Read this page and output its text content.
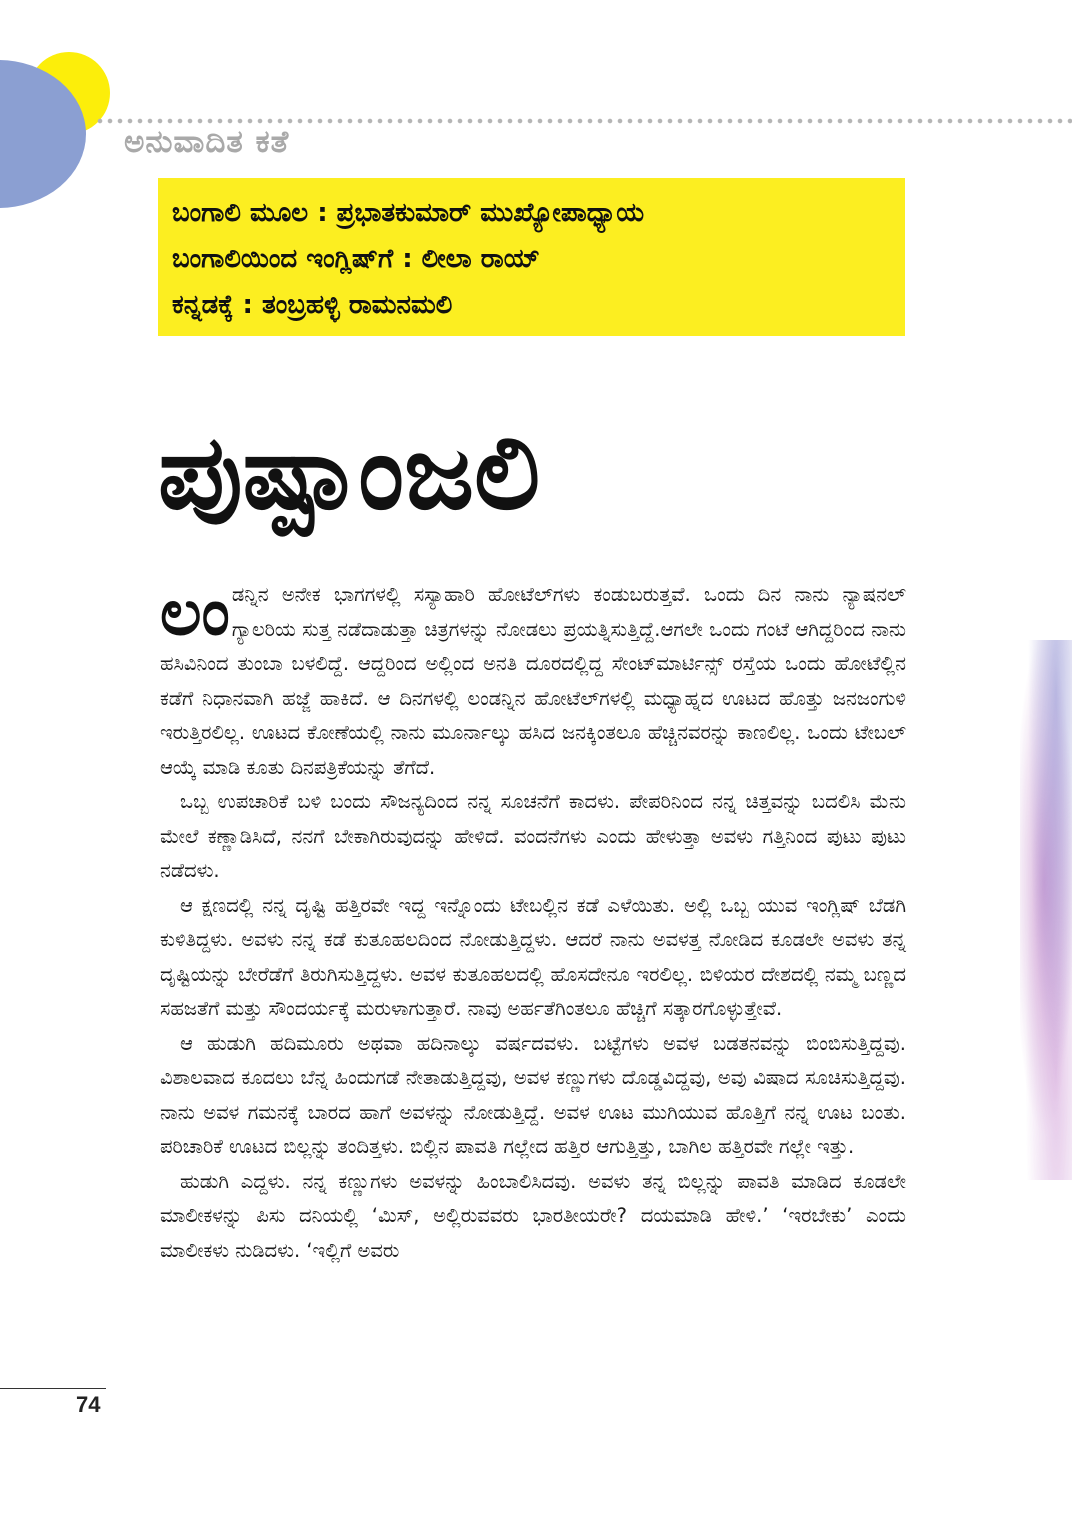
ಅನುವಾದಿತ ಕತೆ
ಬಂಗಾಲಿ ಮೂಲ : ಪ್ರಭಾತಕುಮಾರ್ ಮುಖ್ಯೋಪಾಧ್ಯಾಯ
ಬಂಗಾಲಿಯಿಂದ ಇಂಗ್ಲಿಷ್‌ಗೆ : ಲೀಲಾ ರಾಯ್
ಕನ್ನಡಕ್ಕೆ : ತಂಬ್ರಹಳ್ಳಿ ರಾಮನಮಲಿ
ಪುಷ್ಪಾಂಜಲಿ

ಲಂ ಡನ್ನಿನ ಅನೇಕ ಭಾಗಗಳಲ್ಲಿ ಸಸ್ಯಾಹಾರಿ ಹೋಟೆಲ್‌ಗಳು ಕಂಡುಬರುತ್ತವೆ. ಒಂದು ದಿನ ನಾನು ನ್ಯಾಷನಲ್ ಗ್ಯಾಲರಿಯ ಸುತ್ತ ನಡೆದಾಡುತ್ತಾ ಚಿತ್ರಗಳನ್ನು ನೋಡಲು ಪ್ರಯತ್ನಿಸುತ್ತಿದ್ದೆ.ಆಗಲೇ ಒಂದು ಗಂಟೆ ಆಗಿದ್ದರಿಂದ ನಾನು ಹಸಿವಿನಿಂದ ತುಂಬಾ ಬಳಲಿದ್ದೆ. ಆದ್ದರಿಂದ ಅಲ್ಲಿಂದ ಅನತಿ ದೂರದಲ್ಲಿದ್ದ ಸೇಂಟ್‌ಮಾರ್ಟಿನ್ಸ್ ರಸ್ತೆಯ ಒಂದು ಹೋಟೆಲ್ಲಿನ ಕಡೆಗೆ ನಿಧಾನವಾಗಿ ಹಜ್ಜೆ ಹಾಕಿದೆ. ಆ ದಿನಗಳಲ್ಲಿ ಲಂಡನ್ನಿನ ಹೋಟೆಲ್‌ಗಳಲ್ಲಿ ಮಧ್ಯಾಹ್ನದ ಊಟದ ಹೊತ್ತು ಜನಜಂಗುಳಿ ಇರುತ್ತಿರಲಿಲ್ಲ. ಊಟದ ಕೋಣೆಯಲ್ಲಿ ನಾನು ಮೂರ್ನಾಲ್ಕು ಹಸಿದ ಜನಕ್ಕಿಂತಲೂ ಹೆಚ್ಚಿನವರನ್ನು ಕಾಣಲಿಲ್ಲ. ಒಂದು ಟೇಬಲ್ ಆಯ್ಕೆ ಮಾಡಿ ಕೂತು ದಿನಪತ್ರಿಕೆಯನ್ನು ತೆಗೆದೆ.

ಒಬ್ಬ ಉಪಚಾರಿಕೆ ಬಳಿ ಬಂದು ಸೌಜನ್ಯದಿಂದ ನನ್ನ ಸೂಚನೆಗೆ ಕಾದಳು. ಪೇಪರಿನಿಂದ ನನ್ನ ಚಿತ್ತವನ್ನು ಬದಲಿಸಿ ಮೆನು ಮೇಲೆ ಕಣ್ಣಾಡಿಸಿದೆ, ನನಗೆ ಬೇಕಾಗಿರುವುದನ್ನು ಹೇಳಿದೆ. ವಂದನೆಗಳು ಎಂದು ಹೇಳುತ್ತಾ ಅವಳು ಗತ್ತಿನಿಂದ ಪುಟು ಪುಟು ನಡೆದಳು.

ಆ ಕ್ಷಣದಲ್ಲಿ ನನ್ನ ದೃಷ್ಟಿ ಹತ್ತಿರವೇ ಇದ್ದ ಇನ್ನೊಂದು ಟೇಬಲ್ಲಿನ ಕಡೆ ಎಳೆಯಿತು. ಅಲ್ಲಿ ಒಬ್ಬ ಯುವ ಇಂಗ್ಲಿಷ್ ಬೆಡಗಿ ಕುಳಿತಿದ್ದಳು. ಅವಳು ನನ್ನ ಕಡೆ ಕುತೂಹಲದಿಂದ ನೋಡುತ್ತಿದ್ದಳು. ಆದರೆ ನಾನು ಅವಳತ್ತ ನೋಡಿದ ಕೂಡಲೇ ಅವಳು ತನ್ನ ದೃಷ್ಟಿಯನ್ನು ಬೇರೆಡೆಗೆ ತಿರುಗಿಸುತ್ತಿದ್ದಳು. ಅವಳ ಕುತೂಹಲದಲ್ಲಿ ಹೊಸದೇನೂ ಇರಲಿಲ್ಲ. ಬಿಳಿಯರ ದೇಶದಲ್ಲಿ ನಮ್ಮ ಬಣ್ಣದ ಸಹಜತೆಗೆ ಮತ್ತು ಸೌಂದರ್ಯಕ್ಕೆ ಮರುಳಾಗುತ್ತಾರೆ. ನಾವು ಅರ್ಹತೆಗಿಂತಲೂ ಹೆಚ್ಚಿಗೆ ಸತ್ಕಾರಗೊಳ್ಳುತ್ತೇವೆ.

ಆ ಹುಡುಗಿ ಹದಿಮೂರು ಅಥವಾ ಹದಿನಾಲ್ಕು ವರ್ಷದವಳು. ಬಟ್ಟೆಗಳು ಅವಳ ಬಡತನವನ್ನು ಬಿಂಬಿಸುತ್ತಿದ್ದವು. ವಿಶಾಲವಾದ ಕೂದಲು ಬೆನ್ನ ಹಿಂದುಗಡೆ ನೇತಾಡುತ್ತಿದ್ದವು, ಅವಳ ಕಣ್ಣುಗಳು ದೊಡ್ಡವಿದ್ದವು, ಅವು ವಿಷಾದ ಸೂಚಿಸುತ್ತಿದ್ದವು. ನಾನು ಅವಳ ಗಮನಕ್ಕೆ ಬಾರದ ಹಾಗೆ ಅವಳನ್ನು ನೋಡುತ್ತಿದ್ದೆ. ಅವಳ ಊಟ ಮುಗಿಯುವ ಹೊತ್ತಿಗೆ ನನ್ನ ಊಟ ಬಂತು. ಪರಿಚಾರಿಕೆ ಊಟದ ಬಿಲ್ಲನ್ನು ತಂದಿತ್ತಳು. ಬಿಲ್ಲಿನ ಪಾವತಿ ಗಲ್ಲೇದ ಹತ್ತಿರ ಆಗುತ್ತಿತ್ತು, ಬಾಗಿಲ ಹತ್ತಿರವೇ ಗಲ್ಲೇ ಇತ್ತು.

ಹುಡುಗಿ ಎದ್ದಳು. ನನ್ನ ಕಣ್ಣುಗಳು ಅವಳನ್ನು ಹಿಂಬಾಲಿಸಿದವು. ಅವಳು ತನ್ನ ಬಿಲ್ಲನ್ನು ಪಾವತಿ ಮಾಡಿದ ಕೂಡಲೇ ಮಾಲೀಕಳನ್ನು ಪಿಸು ದನಿಯಲ್ಲಿ ‘ಮಿಸ್, ಅಲ್ಲಿರುವವರು ಭಾರತೀಯರೇ? ದಯಮಾಡಿ ಹೇಳಿ.’ ‘ಇರಬೇಕು’ ಎಂದು ಮಾಲೀಕಳು ನುಡಿದಳು. ‘ಇಲ್ಲಿಗೆ ಅವರು

74
